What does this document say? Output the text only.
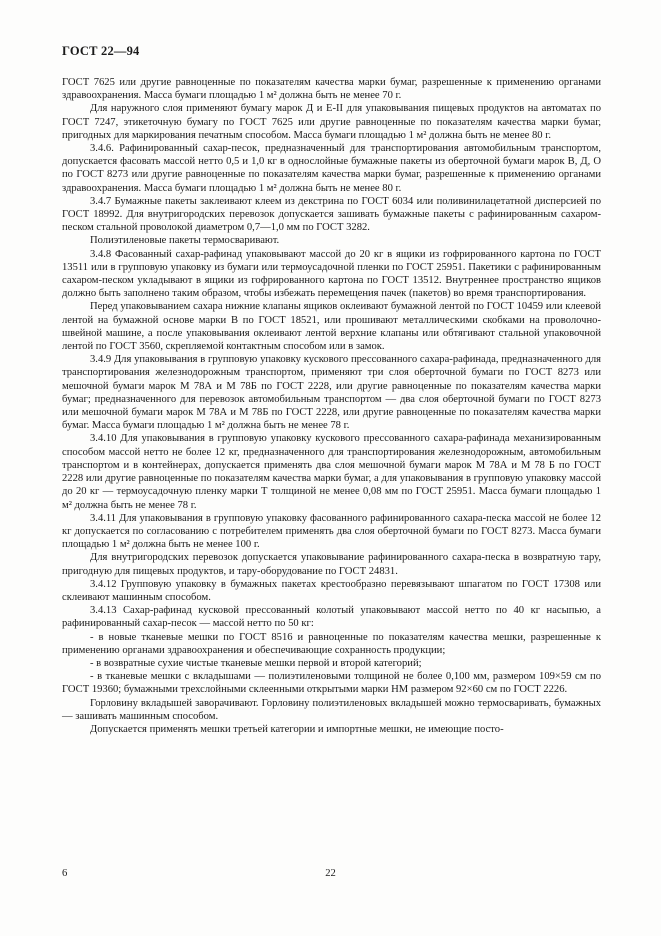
ГОСТ 22—94

ГОСТ 7625 или другие равноценные по показателям качества марки бумаг, разрешенные к применению органами здравоохранения. Масса бумаги площадью 1 м² должна быть не менее 70 г.

Для наружного слоя применяют бумагу марок Д и Е-II для упаковывания пищевых продуктов на автоматах по ГОСТ 7247, этикеточную бумагу по ГОСТ 7625 или другие равноценные по показателям качества марки бумаг, пригодных для маркирования печатным способом. Масса бумаги площадью 1 м² должна быть не менее 80 г.

3.4.6. Рафинированный сахар-песок, предназначенный для транспортирования автомобильным транспортом, допускается фасовать массой нетто 0,5 и 1,0 кг в однослойные бумажные пакеты из оберточной бумаги марок В, Д, О по ГОСТ 8273 или другие равноценные по показателям качества марки бумаг, разрешенные к применению органами здравоохранения. Масса бумаги площадью 1 м² должна быть не менее 80 г.

3.4.7 Бумажные пакеты заклеивают клеем из декстрина по ГОСТ 6034 или поливинилацетатной дисперсией по ГОСТ 18992. Для внутригородских перевозок допускается зашивать бумажные пакеты с рафинированным сахаром-песком стальной проволокой диаметром 0,7—1,0 мм по ГОСТ 3282.

Полиэтиленовые пакеты термосваривают.

3.4.8 Фасованный сахар-рафинад упаковывают массой до 20 кг в ящики из гофрированного картона по ГОСТ 13511 или в групповую упаковку из бумаги или термоусадочной пленки по ГОСТ 25951. Пакетики с рафинированным сахаром-песком укладывают в ящики из гофрированного картона по ГОСТ 13512. Внутреннее пространство ящиков должно быть заполнено таким образом, чтобы избежать перемещения пачек (пакетов) во время транспортирования.

Перед упаковыванием сахара нижние клапаны ящиков оклеивают бумажной лентой по ГОСТ 10459 или клеевой лентой на бумажной основе марки В по ГОСТ 18521, или прошивают металлическими скобками на проволочно-швейной машине, а после упаковывания оклеивают лентой верхние клапаны или обтягивают стальной упаковочной лентой по ГОСТ 3560, скрепляемой контактным способом или в замок.

3.4.9 Для упаковывания в групповую упаковку кускового прессованного сахара-рафинада, предназначенного для транспортирования железнодорожным транспортом, применяют три слоя оберточной бумаги по ГОСТ 8273 или мешочной бумаги марок М 78А и М 78Б по ГОСТ 2228, или другие равноценные по показателям качества марки бумаг; предназначенного для перевозок автомобильным транспортом — два слоя оберточной бумаги по ГОСТ 8273 или мешочной бумаги марок М 78А и М 78Б по ГОСТ 2228, или другие равноценные по показателям качества марки бумаг. Масса бумаги площадью 1 м² должна быть не менее 78 г.

3.4.10 Для упаковывания в групповую упаковку кускового прессованного сахара-рафинада механизированным способом массой нетто не более 12 кг, предназначенного для транспортирования железнодорожным, автомобильным транспортом и в контейнерах, допускается применять два слоя мешочной бумаги марок М 78А и М 78 Б по ГОСТ 2228 или другие равноценные по показателям качества марки бумаг, а для упаковывания в групповую упаковку массой до 20 кг — термоусадочную пленку марки Т толщиной не менее 0,08 мм по ГОСТ 25951. Масса бумаги площадью 1 м² должна быть не менее 78 г.

3.4.11 Для упаковывания в групповую упаковку фасованного рафинированного сахара-песка массой не более 12 кг допускается по согласованию с потребителем применять два слоя оберточной бумаги по ГОСТ 8273. Масса бумаги площадью 1 м² должна быть не менее 100 г.

Для внутригородских перевозок допускается упаковывание рафинированного сахара-песка в возвратную тару, пригодную для пищевых продуктов, и тару-оборудование по ГОСТ 24831.

3.4.12 Групповую упаковку в бумажных пакетах крестообразно перевязывают шпагатом по ГОСТ 17308 или склеивают машинным способом.

3.4.13 Сахар-рафинад кусковой прессованный колотый упаковывают массой нетто по 40 кг насыпью, а рафинированный сахар-песок — массой нетто по 50 кг:

- в новые тканевые мешки по ГОСТ 8516 и равноценные по показателям качества мешки, разрешенные к применению органами здравоохранения и обеспечивающие сохранность продукции;

- в возвратные сухие чистые тканевые мешки первой и второй категорий;

- в тканевые мешки с вкладышами — полиэтиленовыми толщиной не более 0,100 мм, размером 109×59 см по ГОСТ 19360; бумажными трехслойными склеенными открытыми марки НМ размером 92×60 см по ГОСТ 2226.

Горловину вкладышей заворачивают. Горловину полиэтиленовых вкладышей можно термосваривать, бумажных — зашивать машинным способом.

Допускается применять мешки третьей категории и импортные мешки, не имеющие посто-

6	22
